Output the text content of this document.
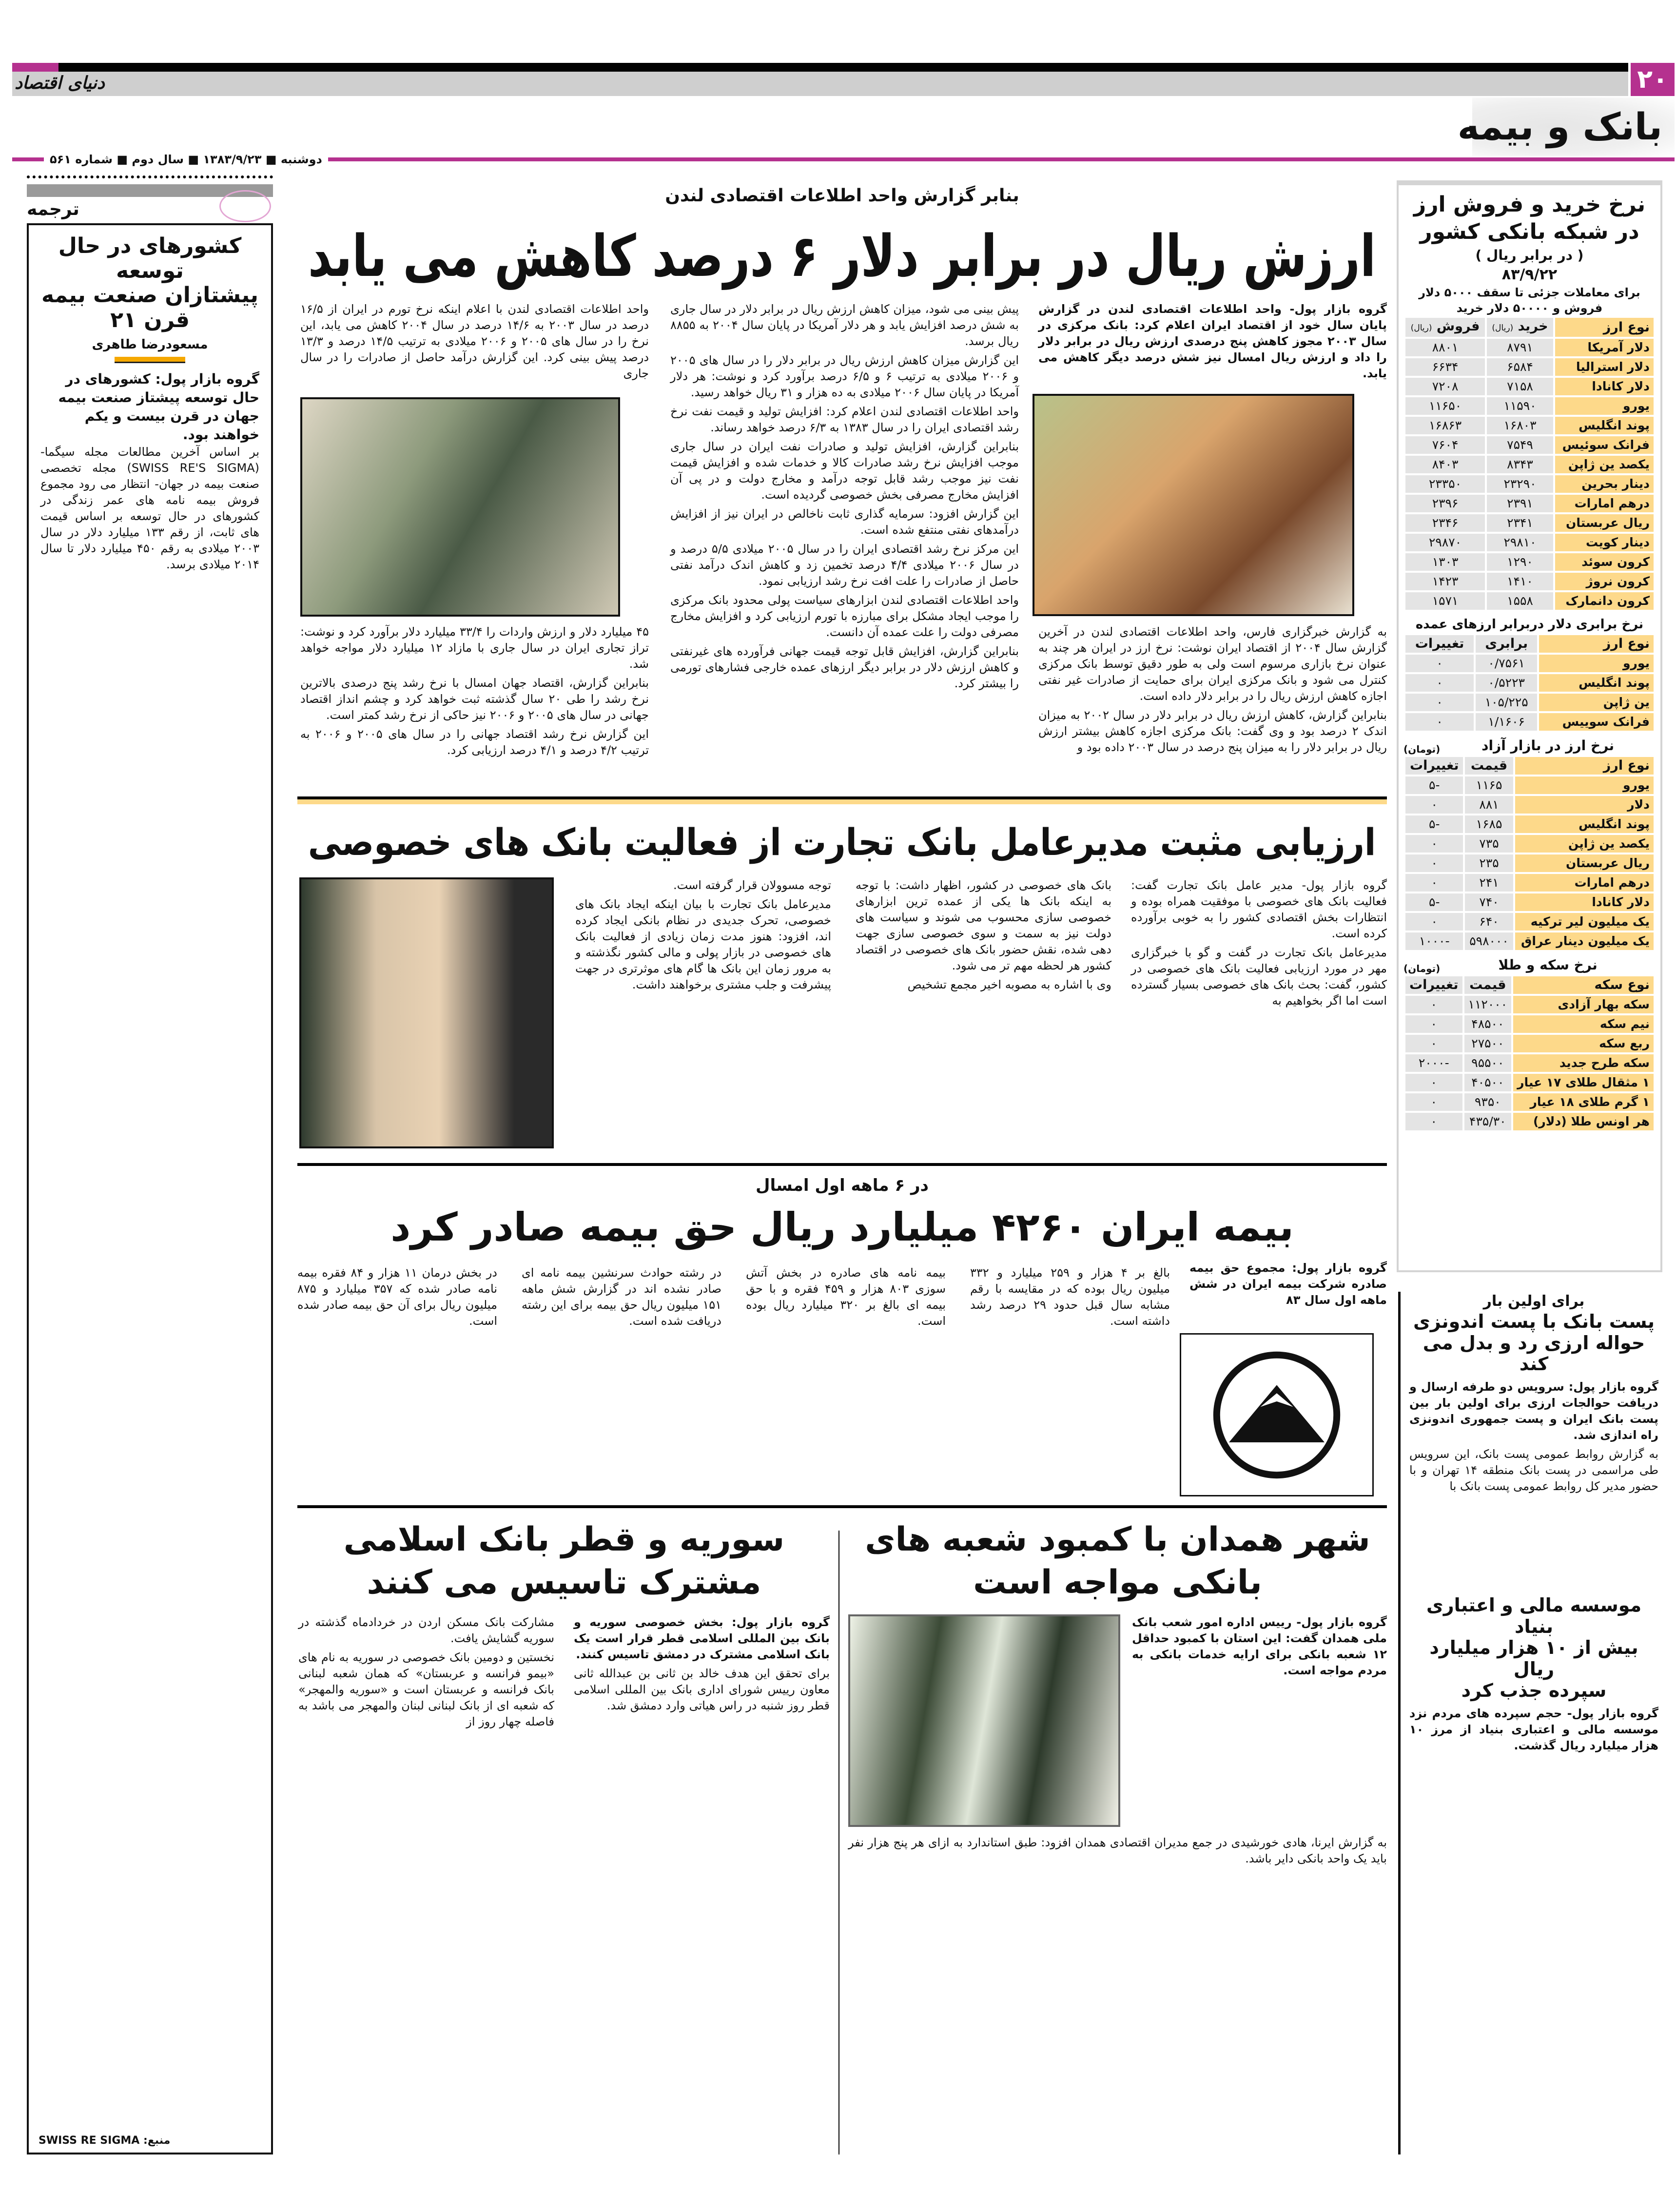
۲۰
دنیای اقتصاد
بانک و بیمه
دوشنبه ■ ۱۳۸۳/۹/۲۳ ■ سال دوم ■ شماره ۵۶۱
ترجمه
کشورهای در حال توسعه
پیشتازان صنعت بیمه قرن ۲۱
مسعودرضا طاهری
گروه بازار پول: کشورهای در حال توسعه پیشتاز صنعت بیمه جهان در قرن بیست و یکم خواهند بود.

بر اساس آخرین مطالعات مجله سیگما- (SWISS RE'S SIGMA) مجله تخصصی صنعت بیمه در جهان- انتظار می رود مجموع فروش بیمه نامه های عمر زندگی در کشورهای در حال توسعه بر اساس قیمت های ثابت، از رقم ۱۳۳ میلیارد دلار در سال ۲۰۰۳ میلادی به رقم ۴۵۰ میلیارد دلار تا سال ۲۰۱۴ میلادی برسد.

منبع: SWISS RE SIGMA
بنابر گزارش واحد اطلاعات اقتصادی لندن
ارزش ریال در برابر دلار ۶ درصد کاهش می یابد

گروه بازار پول- واحد اطلاعات اقتصادی لندن در گزارش پایان سال خود از اقتصاد ایران اعلام کرد: بانک مرکزی در سال ۲۰۰۳ مجوز کاهش پنج درصدی ارزش ریال در برابر دلار را داد و ارزش ریال امسال نیز شش درصد دیگر کاهش می یابد.

به گزارش خبرگزاری فارس، واحد اطلاعات اقتصادی لندن در آخرین گزارش سال ۲۰۰۴ از اقتصاد ایران نوشت: نرخ ارز در ایران هر چند به عنوان نرخ بازاری مرسوم است ولی به طور دقیق توسط بانک مرکزی کنترل می شود و بانک مرکزی ایران برای حمایت از صادرات غیر نفتی اجازه کاهش ارزش ریال را در برابر دلار داده است.

بنابراین گزارش، کاهش ارزش ریال در برابر دلار در سال ۲۰۰۲ به میزان اندک ۲ درصد بود و وی گفت: بانک مرکزی اجازه کاهش بیشتر ارزش ریال در برابر دلار را به میزان پنج درصد در سال ۲۰۰۳ داده بود و

پیش بینی می شود، میزان کاهش ارزش ریال در برابر دلار در سال جاری به شش درصد افزایش یابد و هر دلار آمریکا در پایان سال ۲۰۰۴ به ۸۸۵۵ ریال برسد.

این گزارش میزان کاهش ارزش ریال در برابر دلار را در سال های ۲۰۰۵ و ۲۰۰۶ میلادی به ترتیب ۶ و ۶/۵ درصد برآورد کرد و نوشت: هر دلار آمریکا در پایان سال ۲۰۰۶ میلادی به ده هزار و ۳۱ ریال خواهد رسید.

واحد اطلاعات اقتصادی لندن اعلام کرد: افزایش تولید و قیمت نفت نرخ رشد اقتصادی ایران را در سال ۱۳۸۳ به ۶/۳ درصد خواهد رساند.

بنابراین گزارش، افزایش تولید و صادرات نفت ایران در سال جاری موجب افزایش نرخ رشد صادرات کالا و خدمات شده و افزایش قیمت نفت نیز موجب رشد قابل توجه درآمد و مخارج دولت و در پی آن افزایش مخارج مصرفی بخش خصوصی گردیده است.

این گزارش افزود: سرمایه گذاری ثابت ناخالص در ایران نیز از افزایش درآمدهای نفتی منتفع شده است.

این مرکز نرخ رشد اقتصادی ایران را در سال ۲۰۰۵ میلادی ۵/۵ درصد و در سال ۲۰۰۶ میلادی ۴/۴ درصد تخمین زد و کاهش اندک درآمد نفتی حاصل از صادرات را علت افت نرخ رشد ارزیابی نمود.

واحد اطلاعات اقتصادی لندن ابزارهای سیاست پولی محدود بانک مرکزی را موجب ایجاد مشکل برای مبارزه با تورم ارزیابی کرد و افزایش مخارج مصرفی دولت را علت عمده آن دانست.

بنابراین گزارش، افزایش قابل توجه قیمت جهانی فرآورده های غیرنفتی و کاهش ارزش دلار در برابر دیگر ارزهای عمده خارجی فشارهای تورمی را بیشتر کرد.

واحد اطلاعات اقتصادی لندن با اعلام اینکه نرخ تورم در ایران از ۱۶/۵ درصد در سال ۲۰۰۳ به ۱۴/۶ درصد در سال ۲۰۰۴ کاهش می یابد، این نرخ را در سال های ۲۰۰۵ و ۲۰۰۶ میلادی به ترتیب ۱۴/۵ درصد و ۱۳/۳ درصد پیش بینی کرد. این گزارش درآمد حاصل از صادرات را در سال جاری

۴۵ میلیارد دلار و ارزش واردات را ۳۳/۴ میلیارد دلار برآورد کرد و نوشت: تراز تجاری ایران در سال جاری با مازاد ۱۲ میلیارد دلار مواجه خواهد شد.

بنابراین گزارش، اقتصاد جهان امسال با نرخ رشد پنج درصدی بالاترین نرخ رشد را طی ۲۰ سال گذشته ثبت خواهد کرد و چشم انداز اقتصاد جهانی در سال های ۲۰۰۵ و ۲۰۰۶ نیز حاکی از نرخ رشد کمتر است.

این گزارش نرخ رشد اقتصاد جهانی را در سال های ۲۰۰۵ و ۲۰۰۶ به ترتیب ۴/۲ درصد و ۴/۱ درصد ارزیابی کرد.

ارزیابی مثبت مدیرعامل بانک تجارت از فعالیت بانک های خصوصی

گروه بازار پول- مدیر عامل بانک تجارت گفت: فعالیت بانک های خصوصی با موفقیت همراه بوده و انتظارات بخش اقتصادی کشور را به خوبی برآورده کرده است.

مدیرعامل بانک تجارت در گفت و گو با خبرگزاری مهر در مورد ارزیابی فعالیت بانک های خصوصی در کشور، گفت: بحث بانک های خصوصی بسیار گسترده است اما اگر بخواهیم به

بانک های خصوصی در کشور، اظهار داشت: با توجه به اینکه بانک ها یکی از عمده ترین ابزارهای خصوصی سازی محسوب می شوند و سیاست های دولت نیز به سمت و سوی خصوصی سازی جهت دهی شده، نقش حضور بانک های خصوصی در اقتصاد کشور هر لحظه مهم تر می شود.

وی با اشاره به مصوبه اخیر مجمع تشخیص

توجه مسوولان قرار گرفته است.

مدیرعامل بانک تجارت با بیان اینکه ایجاد بانک های خصوصی، تحرک جدیدی در نظام بانکی ایجاد کرده اند، افزود: هنوز مدت زمان زیادی از فعالیت بانک های خصوصی در بازار پولی و مالی کشور نگذشته و به مرور زمان این بانک ها گام های موثرتری در جهت پیشرفت و جلب مشتری برخواهند داشت.

در ۶ ماهه اول امسال
بیمه ایران ۴۲۶۰ میلیارد ریال حق بیمه صادر کرد

گروه بازار پول: مجموع حق بیمه صادره شرکت بیمه ایران در شش ماهه اول سال ۸۳

بالغ بر ۴ هزار و ۲۵۹ میلیارد و ۳۳۲ میلیون ریال بوده که در مقایسه با رقم مشابه سال قبل حدود ۲۹ درصد رشد داشته است.

بیمه نامه های صادره در بخش آتش سوزی ۸۰۳ هزار و ۴۵۹ فقره و با حق بیمه ای بالغ بر ۳۲۰ میلیارد ریال بوده است.

در رشته حوادث سرنشین بیمه نامه ای صادر نشده اند در گزارش شش ماهه ۱۵۱ میلیون ریال حق بیمه برای این رشته دریافت شده است.

در بخش درمان ۱۱ هزار و ۸۴ فقره بیمه نامه صادر شده که ۳۵۷ میلیارد و ۸۷۵ میلیون ریال برای آن حق بیمه صادر شده است.

شهر همدان با کمبود شعبه های بانکی مواجه است

گروه بازار پول- رییس اداره امور شعب بانک ملی همدان گفت: این استان با کمبود حداقل ۱۲ شعبه بانکی برای ارایه خدمات بانکی به مردم مواجه است.

به گزارش ایرنا، هادی خورشیدی در جمع مدیران اقتصادی همدان افزود: طبق استاندارد به ازای هر پنج هزار نفر باید یک واحد بانکی دایر باشد.

سوریه و قطر بانک اسلامی مشترک تاسیس می کنند

گروه بازار پول: بخش خصوصی سوریه و بانک بین المللی اسلامی قطر قرار است یک بانک اسلامی مشترک در دمشق تاسیس کنند.

برای تحقق این هدف خالد بن ثانی بن عبدالله ثانی معاون رییس شورای اداری بانک بین المللی اسلامی قطر روز شنبه در راس هیاتی وارد دمشق شد.

مشارکت بانک مسکن اردن در خردادماه گذشته در سوریه گشایش یافت.

نخستین و دومین بانک خصوصی در سوریه به نام های «بیمو فرانسه و عربستان» که همان شعبه لبنانی بانک فرانسه و عربستان است و «سوریه والمهجر» که شعبه ای از بانک لبنانی لبنان والمهجر می باشد به فاصله چهار روز از

نرخ خرید و فروش ارز
در شبکه بانکی کشور
( در برابر ریال )
۸۳/۹/۲۲
برای معاملات جزئی تا سقف ۵۰۰۰ دلار فروش و ۵۰۰۰۰ دلار خرید
نوع ارز	خرید (ریال)	فروش (ریال)
دلار آمریکا	۸۷۹۱	۸۸۰۱
دلار استرالیا	۶۵۸۴	۶۶۳۴
دلار کانادا	۷۱۵۸	۷۲۰۸
یورو	۱۱۵۹۰	۱۱۶۵۰
پوند انگلیس	۱۶۸۰۳	۱۶۸۶۳
فرانک سوئیس	۷۵۴۹	۷۶۰۴
یکصد ین ژاپن	۸۳۴۳	۸۴۰۳
دینار بحرین	۲۳۲۹۰	۲۳۳۵۰
درهم امارات	۲۳۹۱	۲۳۹۶
ریال عربستان	۲۳۴۱	۲۳۴۶
دینار کویت	۲۹۸۱۰	۲۹۸۷۰
کرون سوئد	۱۲۹۰	۱۳۰۳
کرون نروژ	۱۴۱۰	۱۴۲۳
کرون دانمارک	۱۵۵۸	۱۵۷۱
نرخ برابری دلار دربرابر ارزهای عمده
نوع ارز	برابری	تغییرات
یورو	۰/۷۵۶۱	۰
پوند انگلیس	۰/۵۲۲۳	۰
ین ژاپن	۱۰۵/۲۲۵	۰
فرانک سوییس	۱/۱۶۰۶	۰
نرخ ارز در بازار آزاد
(تومان)
نوع ارز	قیمت	تغییرات
یورو	۱۱۶۵	-۵
دلار	۸۸۱	۰
پوند انگلیس	۱۶۸۵	-۵
یکصد ین ژاپن	۷۳۵	۰
ریال عربستان	۲۳۵	۰
درهم امارات	۲۴۱	۰
دلار کانادا	۷۴۰	-۵
یک میلیون لیر ترکیه	۶۴۰	۰
یک میلیون دینار عراق	۵۹۸۰۰۰	-۱۰۰۰
نرخ سکه و طلا
(تومان)
نوع سکه	قیمت	تغییرات
سکه بهار آزادی	۱۱۲۰۰۰	۰
نیم سکه	۴۸۵۰۰	۰
ربع سکه	۲۷۵۰۰	۰
سکه طرح جدید	۹۵۵۰۰	-۲۰۰۰
۱ مثقال طلای ۱۷ عیار	۴۰۵۰۰	۰
۱ گرم طلای ۱۸ عیار	۹۳۵۰	۰
هر اونس طلا (دلار)	۴۳۵/۳۰	۰
برای اولین بار
پست بانک با پست اندونزی
حواله ارزی رد و بدل می کند

گروه بازار پول: سرویس دو طرفه ارسال و دریافت حوالجات ارزی برای اولین بار بین پست بانک ایران و پست جمهوری اندونزی راه اندازی شد.

به گزارش روابط عمومی پست بانک، این سرویس طی مراسمی در پست بانک منطقه ۱۴ تهران و با حضور مدیر کل روابط عمومی پست بانک با

موسسه مالی و اعتباری بنیاد
بیش از ۱۰ هزار میلیارد ریال
سپرده جذب کرد

گروه بازار پول- حجم سپرده های مردم نزد موسسه مالی و اعتباری بنیاد از مرز ۱۰ هزار میلیارد ریال گذشت.
